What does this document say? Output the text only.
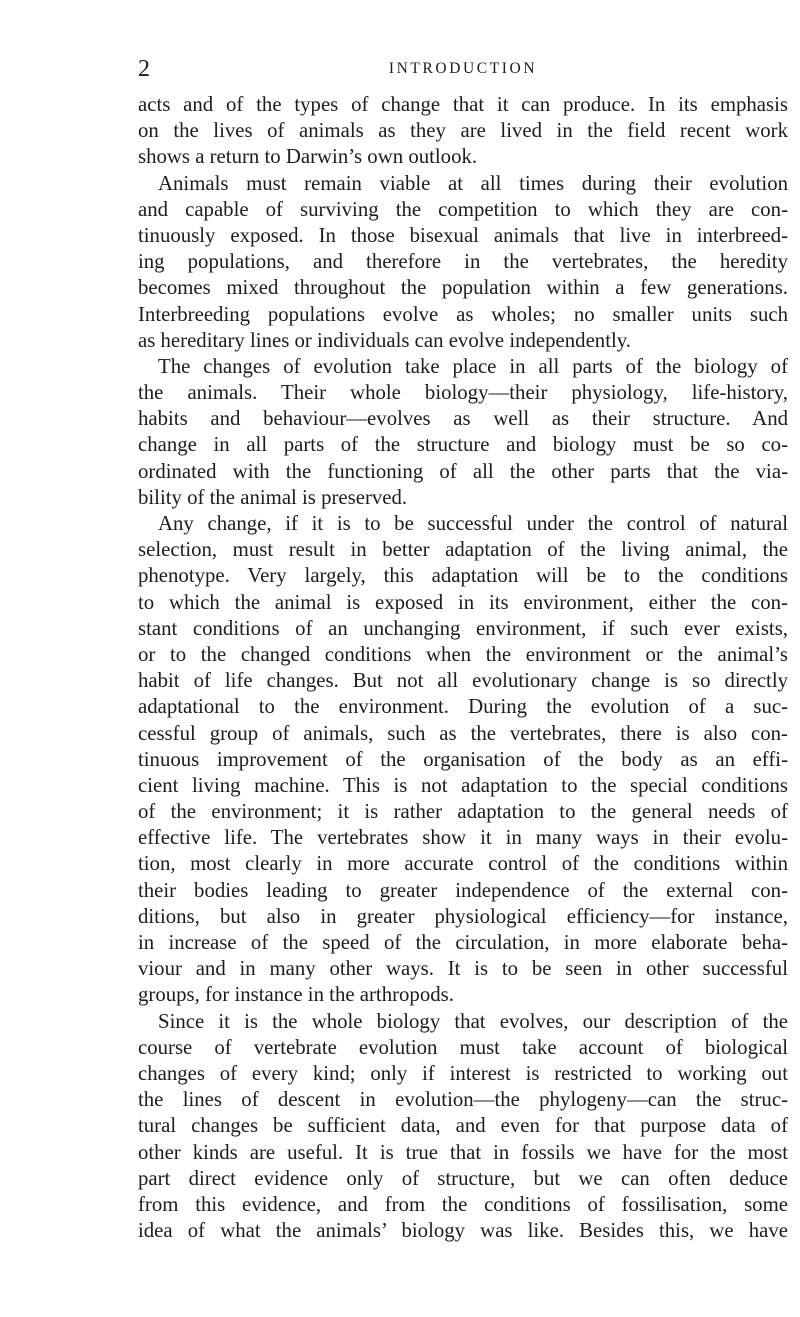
2	INTRODUCTION
acts and of the types of change that it can produce. In its emphasis
on the lives of animals as they are lived in the field recent work
shows a return to Darwin’s own outlook.
Animals must remain viable at all times during their evolution
and capable of surviving the competition to which they are con-
tinuously exposed. In those bisexual animals that live in interbreed-
ing populations, and therefore in the vertebrates, the heredity
becomes mixed throughout the population within a few generations.
Interbreeding populations evolve as wholes; no smaller units such
as hereditary lines or individuals can evolve independently.
The changes of evolution take place in all parts of the biology of
the animals. Their whole biology—their physiology, life-history,
habits and behaviour—evolves as well as their structure. And
change in all parts of the structure and biology must be so co-
ordinated with the functioning of all the other parts that the via-
bility of the animal is preserved.
Any change, if it is to be successful under the control of natural
selection, must result in better adaptation of the living animal, the
phenotype. Very largely, this adaptation will be to the conditions
to which the animal is exposed in its environment, either the con-
stant conditions of an unchanging environment, if such ever exists,
or to the changed conditions when the environment or the animal’s
habit of life changes. But not all evolutionary change is so directly
adaptational to the environment. During the evolution of a suc-
cessful group of animals, such as the vertebrates, there is also con-
tinuous improvement of the organisation of the body as an effi-
cient living machine. This is not adaptation to the special conditions
of the environment; it is rather adaptation to the general needs of
effective life. The vertebrates show it in many ways in their evolu-
tion, most clearly in more accurate control of the conditions within
their bodies leading to greater independence of the external con-
ditions, but also in greater physiological efficiency—for instance,
in increase of the speed of the circulation, in more elaborate beha-
viour and in many other ways. It is to be seen in other successful
groups, for instance in the arthropods.
Since it is the whole biology that evolves, our description of the
course of vertebrate evolution must take account of biological
changes of every kind; only if interest is restricted to working out
the lines of descent in evolution—the phylogeny—can the struc-
tural changes be sufficient data, and even for that purpose data of
other kinds are useful. It is true that in fossils we have for the most
part direct evidence only of structure, but we can often deduce
from this evidence, and from the conditions of fossilisation, some
idea of what the animals’ biology was like. Besides this, we have
